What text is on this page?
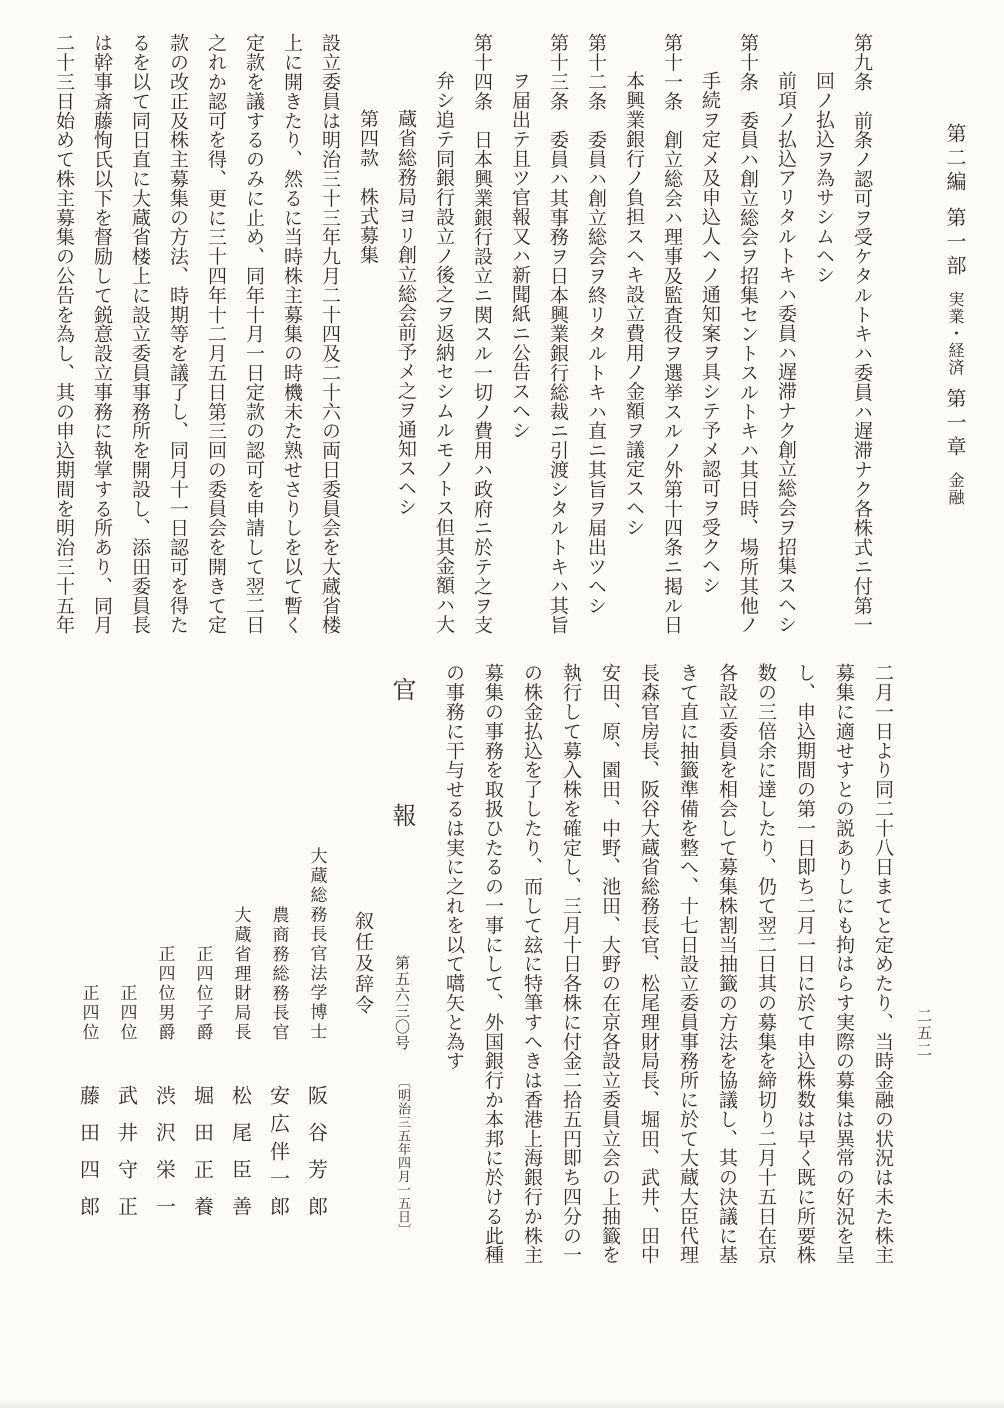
第二編第一部実業・経済第一章金融

第九条　前条ノ認可ヲ受ケタルトキハ委員ハ遅滞ナク各株式ニ付第一

回ノ払込ヲ為サシムヘシ

前項ノ払込アリタルトキハ委員ハ遅滞ナク創立総会ヲ招集スヘシ

第十条　委員ハ創立総会ヲ招集セントスルトキハ其日時、場所其他ノ

手続ヲ定メ及申込人ヘノ通知案ヲ具シテ予メ認可ヲ受クヘシ

第十一条　創立総会ハ理事及監査役ヲ選挙スルノ外第十四条ニ掲ル日

本興業銀行ノ負担スヘキ設立費用ノ金額ヲ議定スヘシ

第十二条　委員ハ創立総会ヲ終リタルトキハ直ニ其旨ヲ届出ツヘシ

第十三条　委員ハ其事務ヲ日本興業銀行総裁ニ引渡シタルトキハ其旨

ヲ届出テ且ツ官報又ハ新聞紙ニ公告スヘシ

第十四条　日本興業銀行設立ニ関スル一切ノ費用ハ政府ニ於テ之ヲ支

弁シ追テ同銀行設立ノ後之ヲ返納セシムルモノトス但其金額ハ大

蔵省総務局ヨリ創立総会前予メ之ヲ通知スヘシ

第四款　株式募集

設立委員は明治三十三年九月二十四及二十六の両日委員会を大蔵省楼

上に開きたり、然るに当時株主募集の時機未た熟せさりしを以て暫く

定款を議するのみに止め、同年十月一日定款の認可を申請して翌二日

之れか認可を得、更に三十四年十二月五日第三回の委員会を開きて定

款の改正及株主募集の方法、時期等を議了し、同月十一日認可を得た

るを以て同日直に大蔵省楼上に設立委員事務所を開設し、添田委員長

は幹事斎藤恂氏以下を督励して鋭意設立事務に執掌する所あり、同月

二十三日始めて株主募集の公告を為し、其の申込期間を明治三十五年

二月一日より同二十八日まてと定めたり、当時金融の状況は未た株主

募集に適せすとの説ありしにも拘はらす実際の募集は異常の好況を呈

し、申込期間の第一日即ち二月一日に於て申込株数は早く既に所要株

数の三倍余に達したり、仍て翌二日其の募集を締切り二月十五日在京

各設立委員を相会して募集株割当抽籤の方法を協議し、其の決議に基

きて直に抽籤準備を整へ、十七日設立委員事務所に於て大蔵大臣代理

長森官房長、阪谷大蔵省総務長官、松尾理財局長、堀田、武井、田中

安田、原、園田、中野、池田、大野の在京各設立委員立会の上抽籤を

執行して募入株を確定し、三月十日各株に付金二拾五円即ち四分の一

の株金払込を了したり、而して玆に特筆すへきは香港上海銀行か株主

募集の事務を取扱ひたるの一事にして、外国銀行か本邦に於ける此種

の事務に干与せるは実に之れを以て嚆矢と為す

官
報
第五六三〇号
〔明治三五年四月一五日〕

叙任及辞令

大蔵総務長官法学博士
阪
谷
芳
郎
農商務総務長官
安
広
伴
一
郎
大蔵省理財局長
松
尾
臣
善
正四位子爵
堀
田
正
養
正四位男爵
渋
沢
栄
一
正四位
武
井
守
正
正四位
藤
田
四
郎
二五二
